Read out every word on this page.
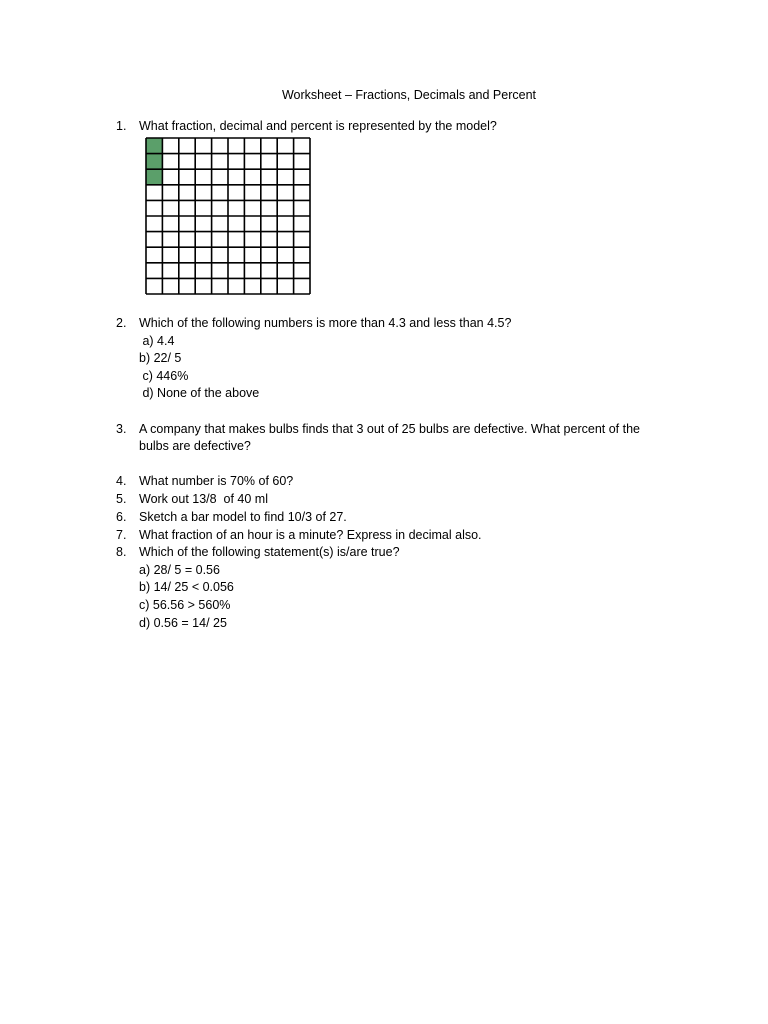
Worksheet – Fractions, Decimals and Percent
1. What fraction, decimal and percent is represented by the model?
2. Which of the following numbers is more than 4.3 and less than 4.5?
a) 4.4
b) 22/ 5
c) 446%
d) None of the above
3. A company that makes bulbs finds that 3 out of 25 bulbs are defective. What percent of the
bulbs are defective?
4. What number is 70% of 60?
5. Work out 13/8  of 40 ml
6. Sketch a bar model to find 10/3 of 27.
7. What fraction of an hour is a minute? Express in decimal also.
8. Which of the following statement(s) is/are true?
a) 28/ 5 = 0.56
b) 14/ 25 < 0.056
c) 56.56 > 560%
d) 0.56 = 14/ 25
